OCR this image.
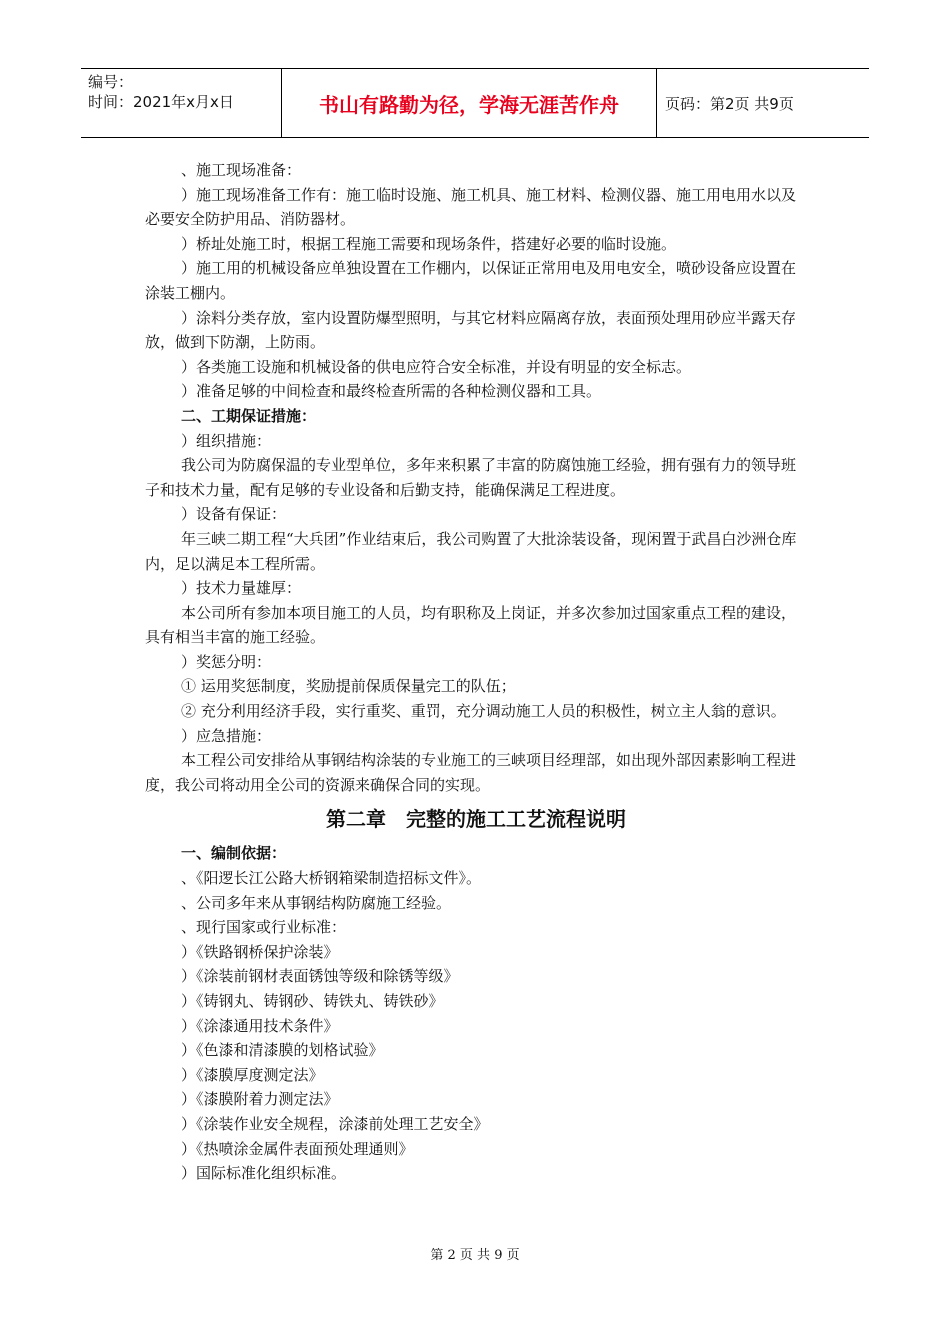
编号：
时间：2021年x月x日	书山有路勤为径，学海无涯苦作舟	页码：第2页 共9页

、施工现场准备：

）施工现场准备工作有：施工临时设施、施工机具、施工材料、检测仪器、施工用电用水以及必要安全防护用品、消防器材。

）桥址处施工时，根据工程施工需要和现场条件，搭建好必要的临时设施。

）施工用的机械设备应单独设置在工作棚内，以保证正常用电及用电安全，喷砂设备应设置在涂装工棚内。

）涂料分类存放，室内设置防爆型照明，与其它材料应隔离存放，表面预处理用砂应半露天存放，做到下防潮，上防雨。

）各类施工设施和机械设备的供电应符合安全标准，并设有明显的安全标志。

）准备足够的中间检查和最终检查所需的各种检测仪器和工具。

二、工期保证措施：

）组织措施：

我公司为防腐保温的专业型单位，多年来积累了丰富的防腐蚀施工经验，拥有强有力的领导班子和技术力量，配有足够的专业设备和后勤支持，能确保满足工程进度。

）设备有保证：

年三峡二期工程“大兵团”作业结束后，我公司购置了大批涂装设备，现闲置于武昌白沙洲仓库内，足以满足本工程所需。

）技术力量雄厚：

本公司所有参加本项目施工的人员，均有职称及上岗证，并多次参加过国家重点工程的建设，具有相当丰富的施工经验。

）奖惩分明：

① 运用奖惩制度，奖励提前保质保量完工的队伍；

② 充分利用经济手段，实行重奖、重罚，充分调动施工人员的积极性，树立主人翁的意识。

）应急措施：

本工程公司安排给从事钢结构涂装的专业施工的三峡项目经理部，如出现外部因素影响工程进度，我公司将动用全公司的资源来确保合同的实现。

第二章　完整的施工工艺流程说明

一、编制依据：

、《阳逻长江公路大桥钢箱梁制造招标文件》。

、公司多年来从事钢结构防腐施工经验。

、现行国家或行业标准：

）《铁路钢桥保护涂装》

）《涂装前钢材表面锈蚀等级和除锈等级》

）《铸钢丸、铸钢砂、铸铁丸、铸铁砂》

）《涂漆通用技术条件》

）《色漆和清漆膜的划格试验》

）《漆膜厚度测定法》

）《漆膜附着力测定法》

）《涂装作业安全规程，涂漆前处理工艺安全》

）《热喷涂金属件表面预处理通则》

）国际标准化组织标准。

第 2 页 共 9 页
